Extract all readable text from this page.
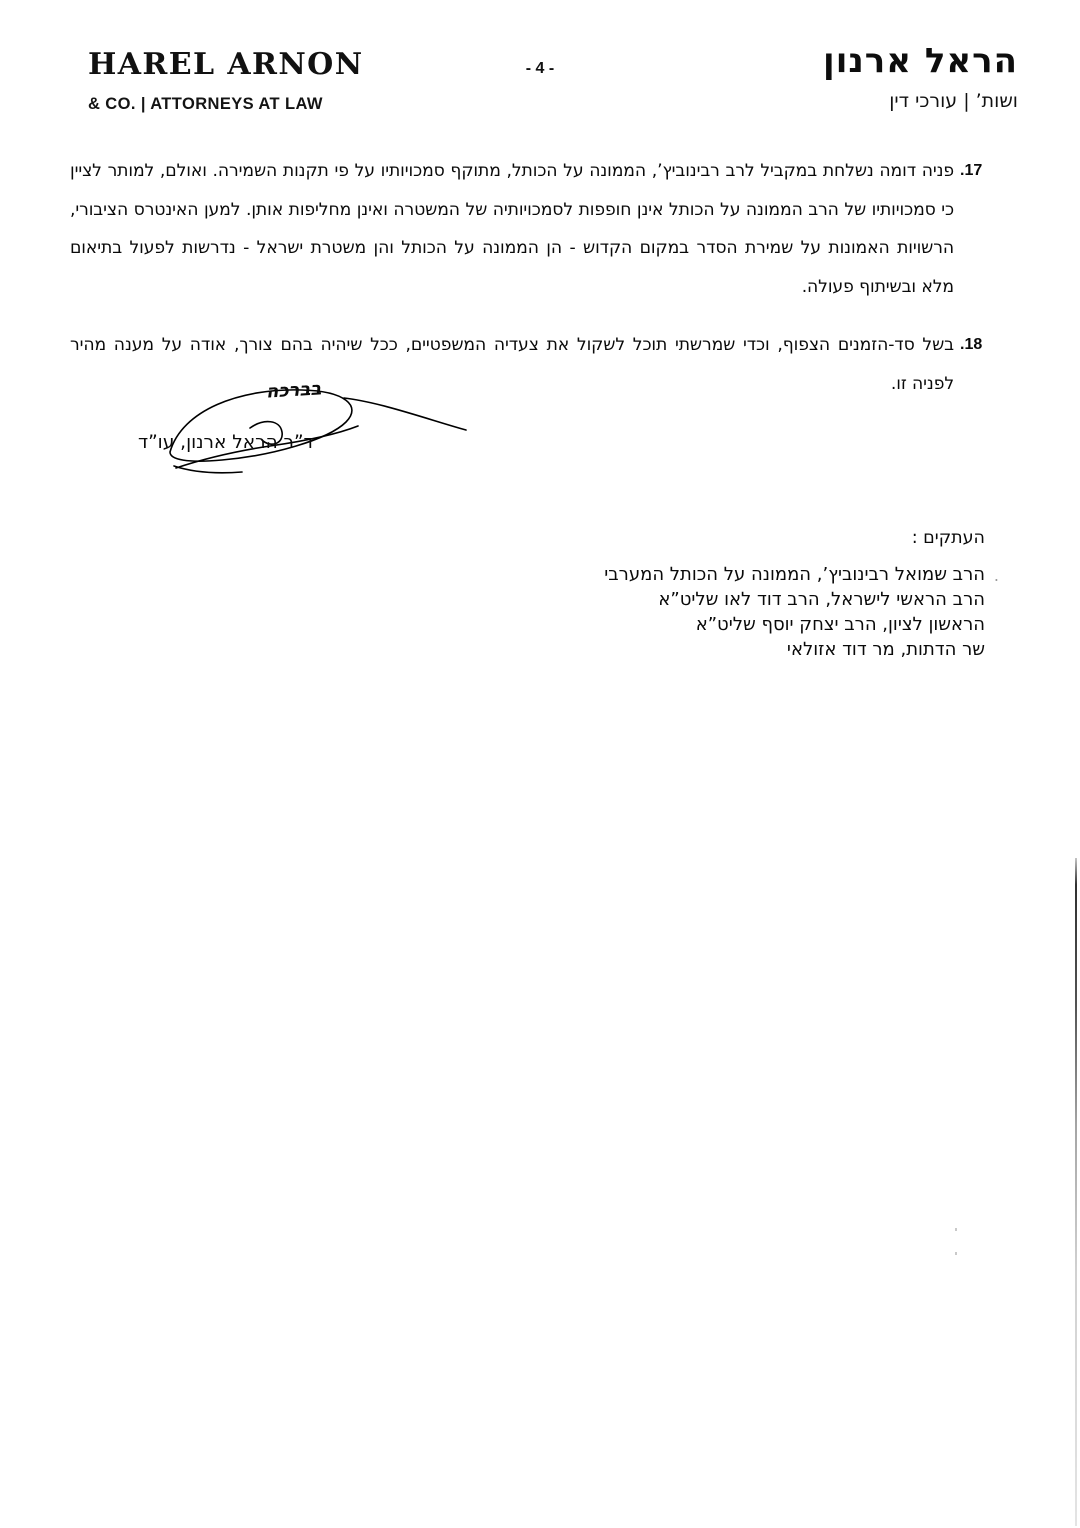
HAREL ARNON
& CO. | ATTORNEYS AT LAW
- 4 -	הראל ארנון
ושות’ | עורכי דין
.17
פניה דומה נשלחת במקביל לרב רבינוביץ’, הממונה על הכותל, מתוקף סמכויותיו על פי תקנות השמירה. ואולם, למותר לציין כי סמכויותיו של הרב הממונה על הכותל אינן חופפות לסמכויותיה של המשטרה ואינן מחליפות אותן. למען האינטרס הציבורי, הרשויות האמונות על שמירת הסדר במקום הקדוש - הן הממונה על הכותל והן משטרת ישראל - נדרשות לפעול בתיאום מלא ובשיתוף פעולה.
.18
בשל סד-הזמנים הצפוף, וכדי שמרשתי תוכל לשקול את צעדיה המשפטיים, ככל שיהיה בהם צורך, אודה על מענה מהיר לפניה זו.
בברכה
ד”ר הראל ארנון, עו”ד
העתקים :
.
הרב שמואל רבינוביץ’, הממונה על הכותל המערבי
הרב הראשי לישראל, הרב דוד לאו שליט”א
הראשון לציון, הרב יצחק יוסף שליט”א
שר הדתות, מר דוד אזולאי
